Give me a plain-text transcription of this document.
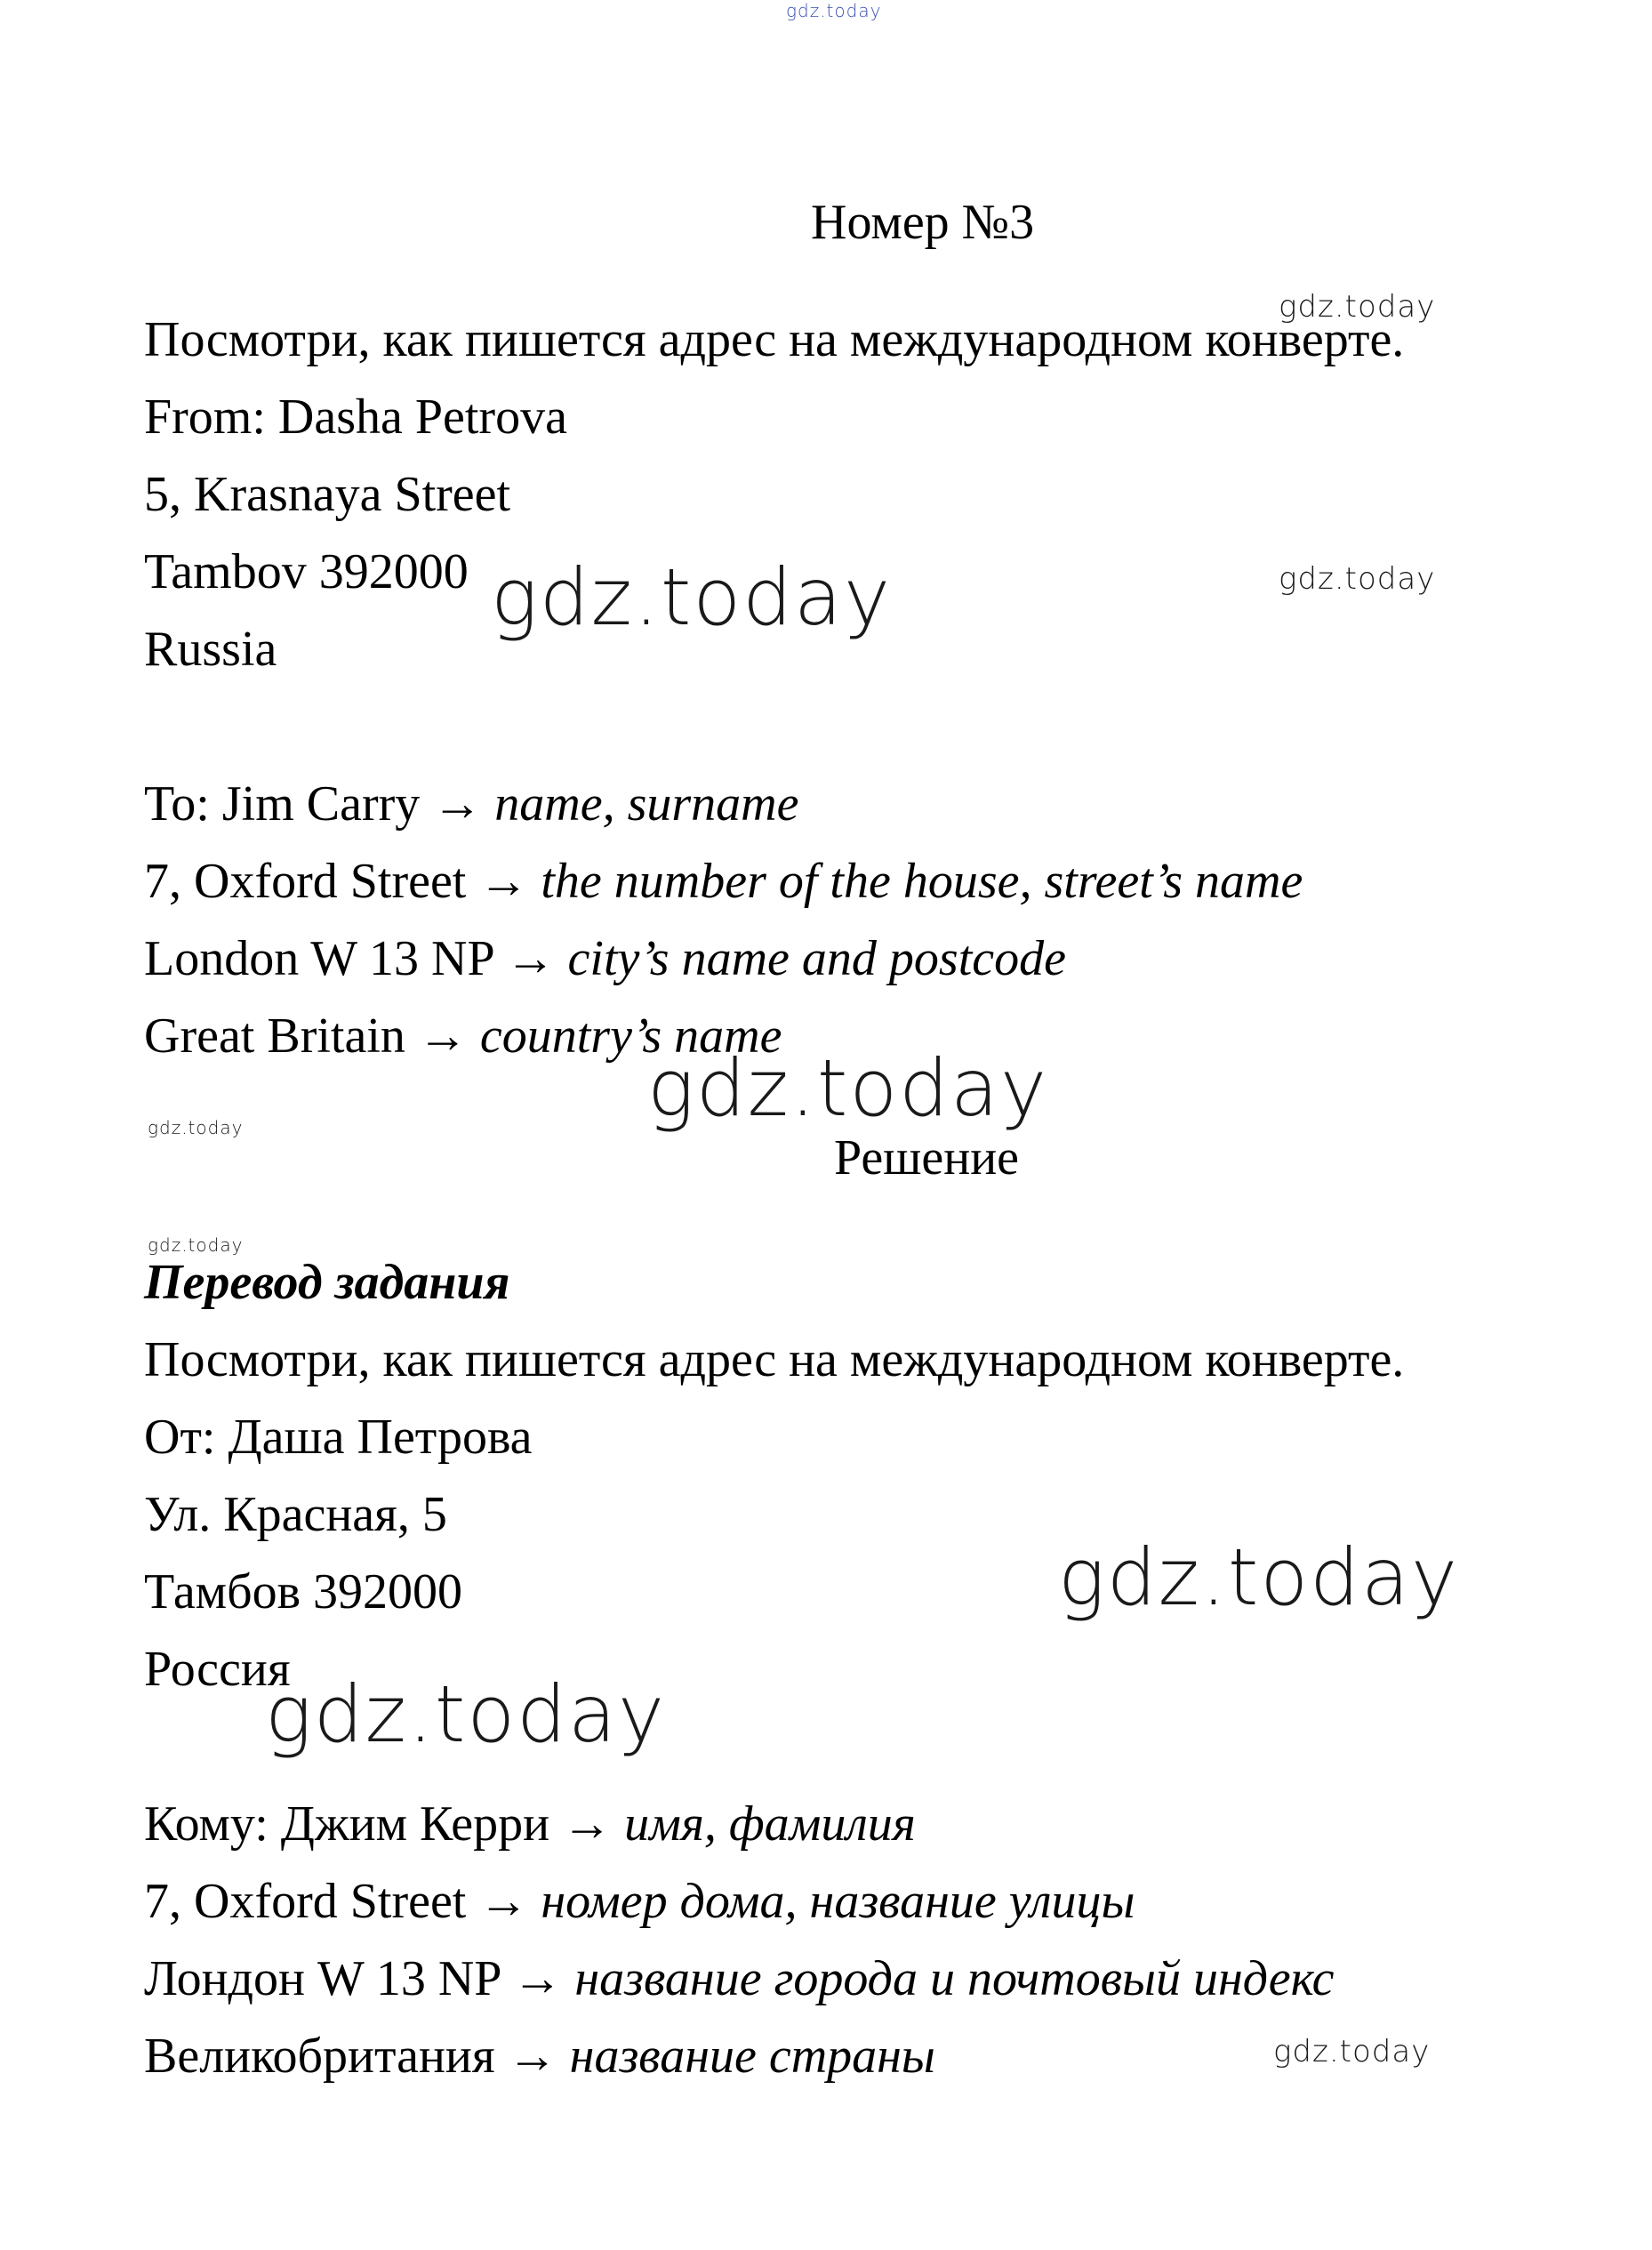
gdz.today
gdz.today
gdz.today
gdz.today
gdz.today	gdz.today
gdz.today
gdz.today
gdz.today
gdz.today
Номер №3
Посмотри, как пишется адрес на международном конверте.
From: Dasha Petrova
5, Krasnaya Street
Tambov 392000
Russia
To: Jim Carry → name, surname
7, Oxford Street → the number of the house, street’s name
London W 13 NP → city’s name and postcode
Great Britain → country’s name
Решение
Перевод задания
Посмотри, как пишется адрес на международном конверте.
От: Даша Петрова
Ул. Красная, 5
Тамбов 392000
Россия
Кому: Джим Керри → имя, фамилия
7, Oxford Street → номер дома, название улицы
Лондон W 13 NP → название города и почтовый индекс
Великобритания → название страны
